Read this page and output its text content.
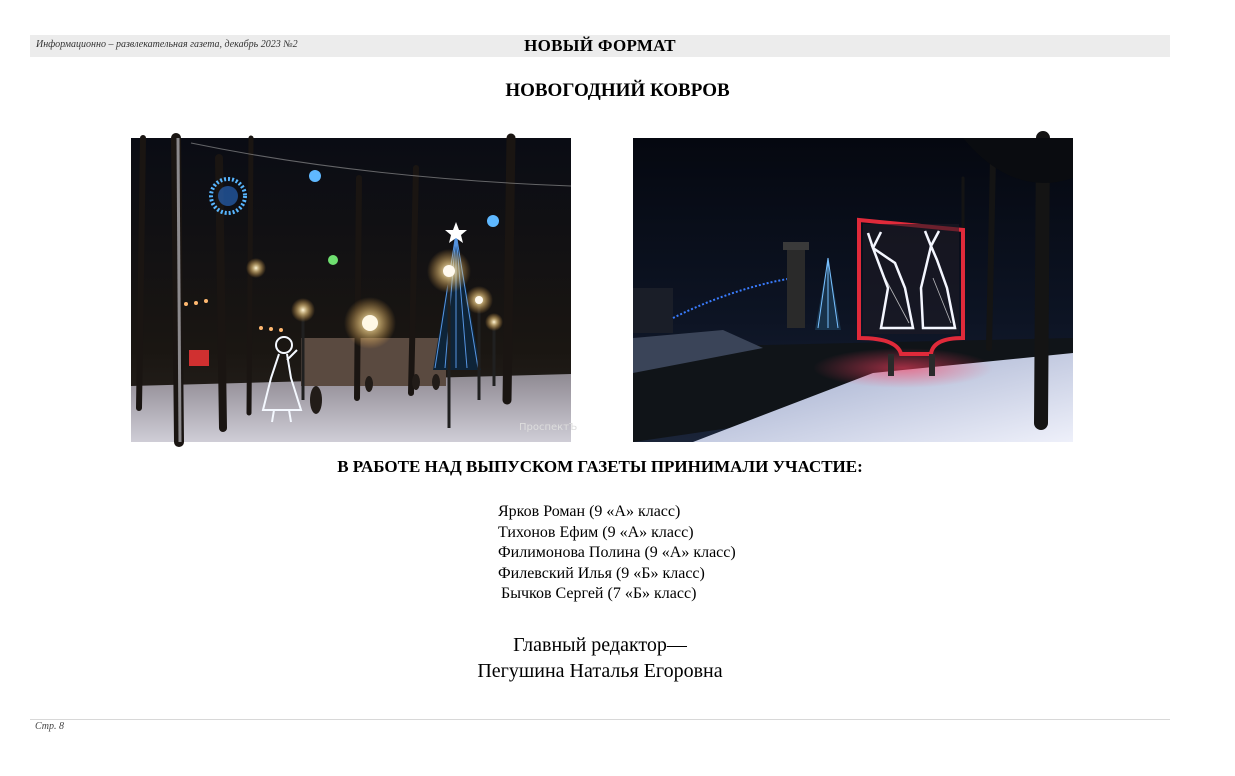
Информационно – развлекательная газета, декабрь 2023 №2	НОВЫЙ ФОРМАТ
НОВОГОДНИЙ КОВРОВ
ПроспектЪ
В РАБОТЕ НАД ВЫПУСКОМ ГАЗЕТЫ ПРИНИМАЛИ УЧАСТИЕ:
Ярков Роман (9 «А» класс)
Тихонов Ефим (9 «А» класс)
Филимонова Полина (9 «А» класс)
Филевский Илья (9 «Б» класс)
Бычков Сергей (7 «Б» класс)
Главный редактор—
Пегушина Наталья Егоровна
Стр. 8
